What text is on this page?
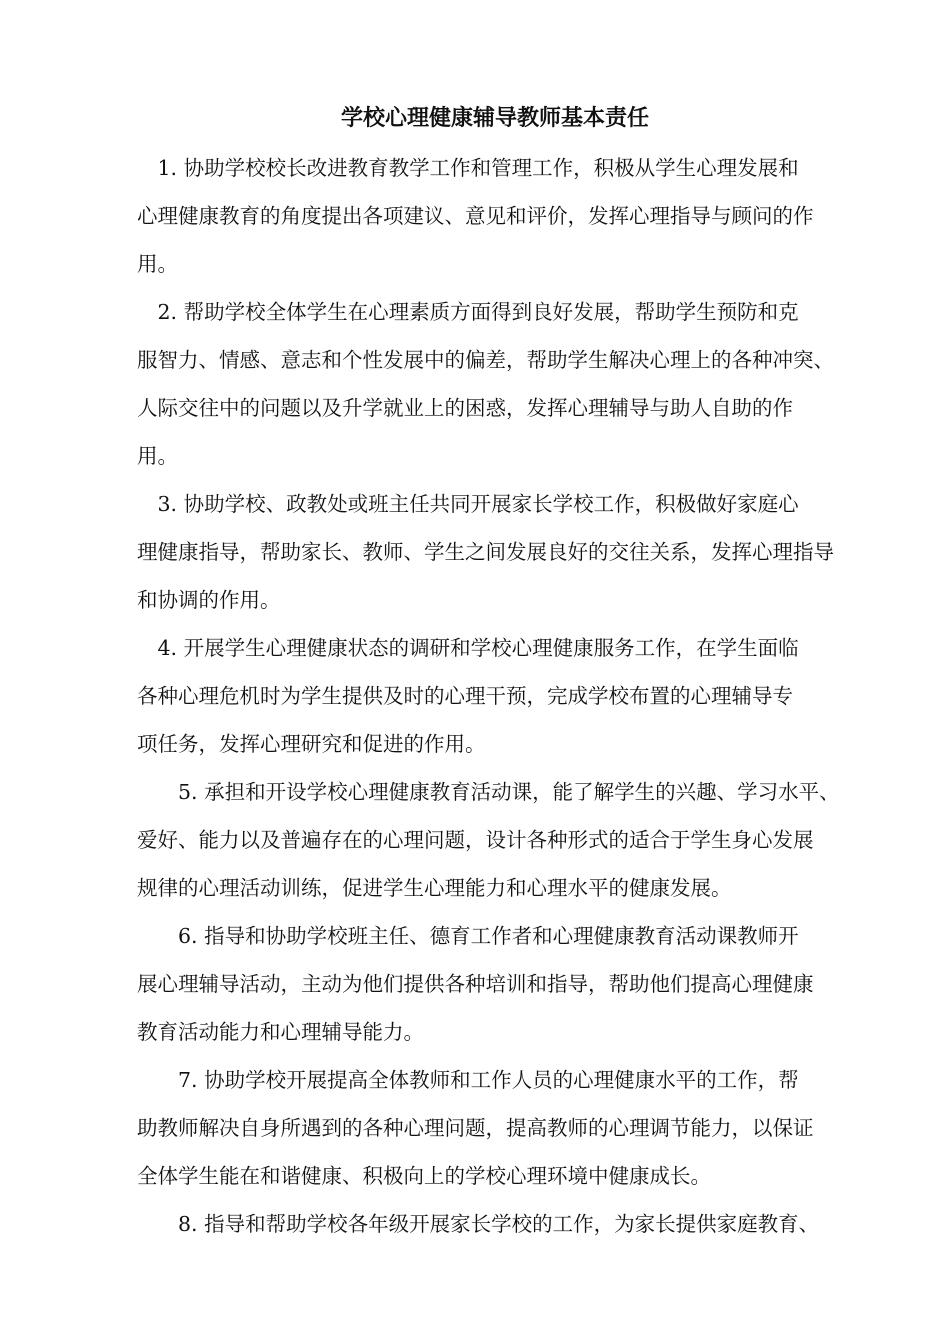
学校心理健康辅导教师基本责任
　1. 协助学校校长改进教育教学工作和管理工作，积极从学生心理发展和
心理健康教育的角度提出各项建议、意见和评价，发挥心理指导与顾问的作
用。
　2. 帮助学校全体学生在心理素质方面得到良好发展，帮助学生预防和克
服智力、情感、意志和个性发展中的偏差，帮助学生解决心理上的各种冲突、
人际交往中的问题以及升学就业上的困惑，发挥心理辅导与助人自助的作
用。
　3. 协助学校、政教处或班主任共同开展家长学校工作，积极做好家庭心
理健康指导，帮助家长、教师、学生之间发展良好的交往关系，发挥心理指导
和协调的作用。
　4. 开展学生心理健康状态的调研和学校心理健康服务工作，在学生面临
各种心理危机时为学生提供及时的心理干预，完成学校布置的心理辅导专
项任务，发挥心理研究和促进的作用。
　　5. 承担和开设学校心理健康教育活动课，能了解学生的兴趣、学习水平、
爱好、能力以及普遍存在的心理问题，设计各种形式的适合于学生身心发展
规律的心理活动训练，促进学生心理能力和心理水平的健康发展。
　　6. 指导和协助学校班主任、德育工作者和心理健康教育活动课教师开
展心理辅导活动，主动为他们提供各种培训和指导，帮助他们提高心理健康
教育活动能力和心理辅导能力。
　　7. 协助学校开展提高全体教师和工作人员的心理健康水平的工作，帮
助教师解决自身所遇到的各种心理问题，提高教师的心理调节能力，以保证
全体学生能在和谐健康、积极向上的学校心理环境中健康成长。
　　8. 指导和帮助学校各年级开展家长学校的工作，为家长提供家庭教育、
